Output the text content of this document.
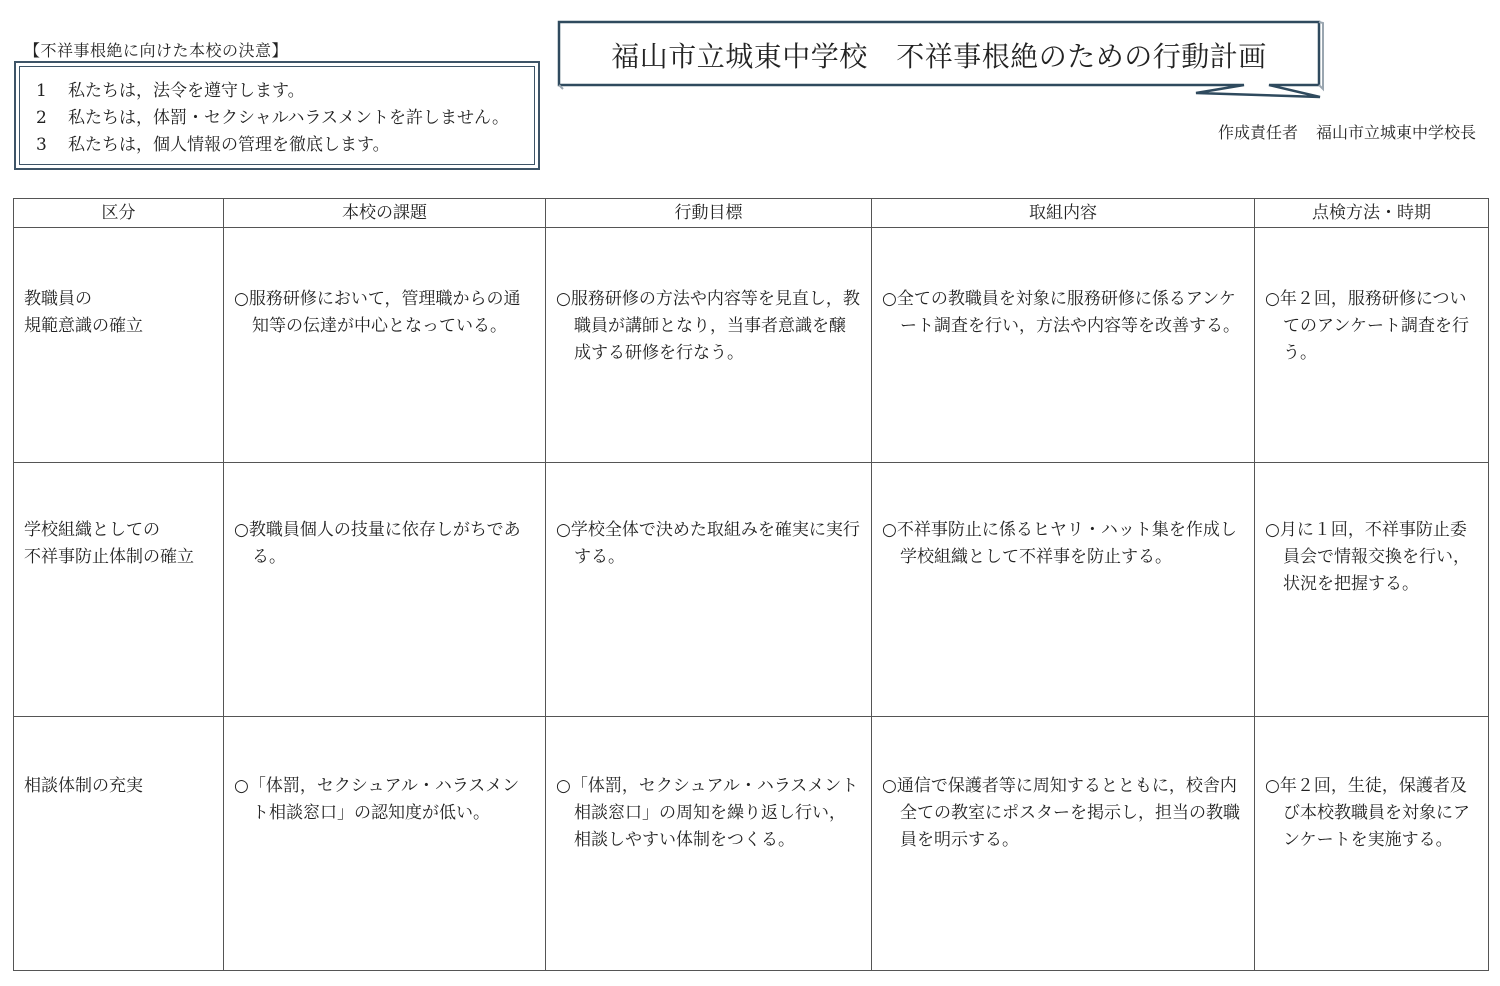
【不祥事根絶に向けた本校の決意】
1 私たちは，法令を遵守します。
2 私たちは，体罰・セクシャルハラスメントを許しません。
3 私たちは，個人情報の管理を徹底します。
福山市立城東中学校　不祥事根絶のための行動計画
作成責任者 福山市立城東中学校長
区分	本校の課題	行動目標	取組内容	点検方法・時期

教職員の
規範意識の確立	○服務研修において，管理職からの通知等の伝達が中心となっている。	○服務研修の方法や内容等を見直し，教職員が講師となり，当事者意識を醸成する研修を行なう。	○全ての教職員を対象に服務研修に係るアンケート調査を行い，方法や内容等を改善する。	○年２回，服務研修についてのアンケート調査を行う。

学校組織としての
不祥事防止体制の確立	○教職員個人の技量に依存しがちである。	○学校全体で決めた取組みを確実に実行する。	○不祥事防止に係るヒヤリ・ハット集を作成し学校組織として不祥事を防止する。	○月に１回，不祥事防止委員会で情報交換を行い，状況を把握する。

相談体制の充実	○「体罰，セクシュアル・ハラスメント相談窓口」の認知度が低い。	○「体罰，セクシュアル・ハラスメント相談窓口」の周知を繰り返し行い，相談しやすい体制をつくる。	○通信で保護者等に周知するとともに，校舎内全ての教室にポスターを掲示し，担当の教職員を明示する。	○年２回，生徒，保護者及び本校教職員を対象にアンケートを実施する。
